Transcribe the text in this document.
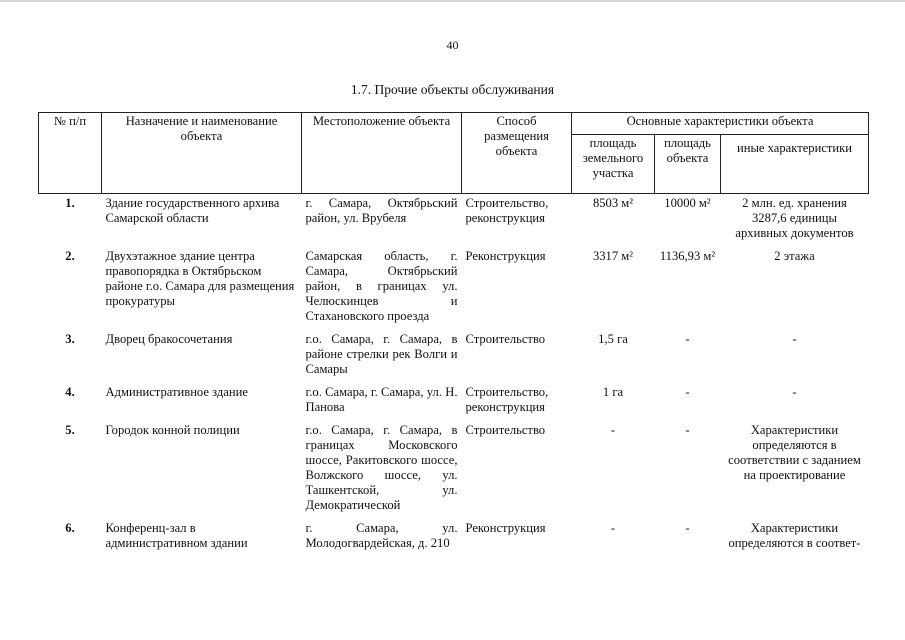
40
1.7. Прочие объекты обслуживания
№ п/п	Назначение и наименование объекта	Местоположение объекта	Способ размещения объекта	Основные характеристики объекта		
				площадь земельного участка	площадь объекта	иные характеристики
1.	Здание государственного архива Самарской области	г. Самара, Октябрьский район, ул. Врубеля	Строительство, реконструкция	8503 м²	10000 м²	2 млн. ед. хранения 3287,6 единицы архивных документов
2.	Двухэтажное здание центра правопорядка в Октябрьском районе г.о. Самара для размещения прокуратуры	Самарская область, г. Самара, Октябрьский район, в границах ул. Челюскинцев и Стахановского проезда	Реконструкция	3317 м²	1136,93 м²	2 этажа
3.	Дворец бракосочетания	г.о. Самара, г. Самара, в районе стрелки рек Волги и Самары	Строительство	1,5 га	-	-
4.	Административное здание	г.о. Самара, г. Самара, ул. Н. Панова	Строительство, реконструкция	1 га	-	-
5.	Городок конной полиции	г.о. Самара, г. Самара, в границах Московского шоссе, Ракитовского шоссе, Волжского шоссе, ул. Ташкентской, ул. Демократической	Строительство	-	-	Характеристики определяются в соответствии с заданием на проектирование
6.	Конференц-зал в административном здании	г. Самара, ул. Молодогвардейская, д. 210	Реконструкция	-	-	Характеристики определяются в соответ-
